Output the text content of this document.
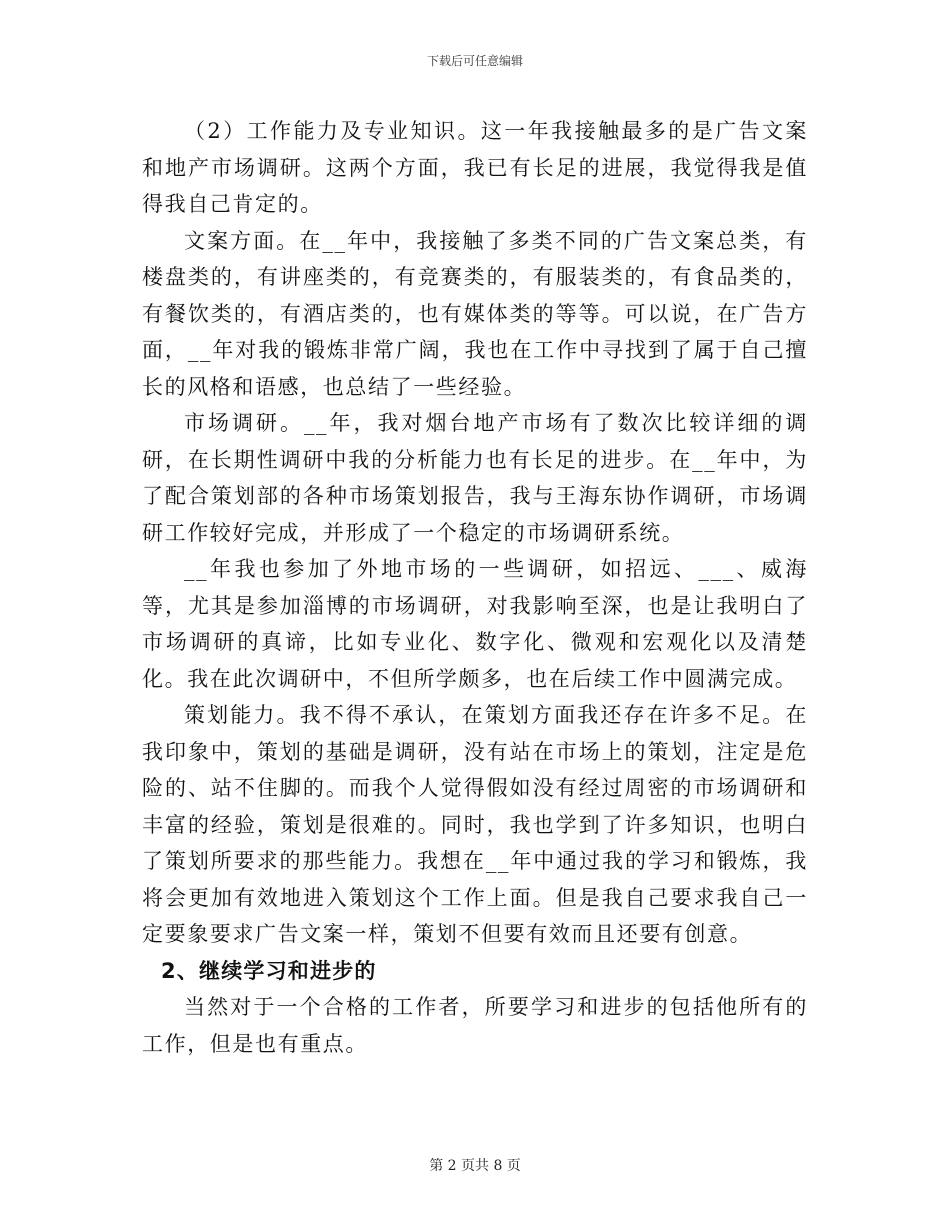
下载后可任意编辑

（2）工作能力及专业知识。这一年我接触最多的是广告文案和地产市场调研。这两个方面，我已有长足的进展，我觉得我是值得我自己肯定的。

文案方面。在__年中，我接触了多类不同的广告文案总类，有楼盘类的，有讲座类的，有竞赛类的，有服装类的，有食品类的，有餐饮类的，有酒店类的，也有媒体类的等等。可以说，在广告方面，__年对我的锻炼非常广阔，我也在工作中寻找到了属于自己擅长的风格和语感，也总结了一些经验。

市场调研。__年，我对烟台地产市场有了数次比较详细的调研，在长期性调研中我的分析能力也有长足的进步。在__年中，为了配合策划部的各种市场策划报告，我与王海东协作调研，市场调研工作较好完成，并形成了一个稳定的市场调研系统。

__年我也参加了外地市场的一些调研，如招远、___、威海等，尤其是参加淄博的市场调研，对我影响至深，也是让我明白了市场调研的真谛，比如专业化、数字化、微观和宏观化以及清楚化。我在此次调研中，不但所学颇多，也在后续工作中圆满完成。

策划能力。我不得不承认，在策划方面我还存在许多不足。在我印象中，策划的基础是调研，没有站在市场上的策划，注定是危险的、站不住脚的。而我个人觉得假如没有经过周密的市场调研和丰富的经验，策划是很难的。同时，我也学到了许多知识，也明白了策划所要求的那些能力。我想在__年中通过我的学习和锻炼，我将会更加有效地进入策划这个工作上面。但是我自己要求我自己一定要象要求广告文案一样，策划不但要有效而且还要有创意。

2、继续学习和进步的

当然对于一个合格的工作者，所要学习和进步的包括他所有的工作，但是也有重点。

第 2 页共 8 页
